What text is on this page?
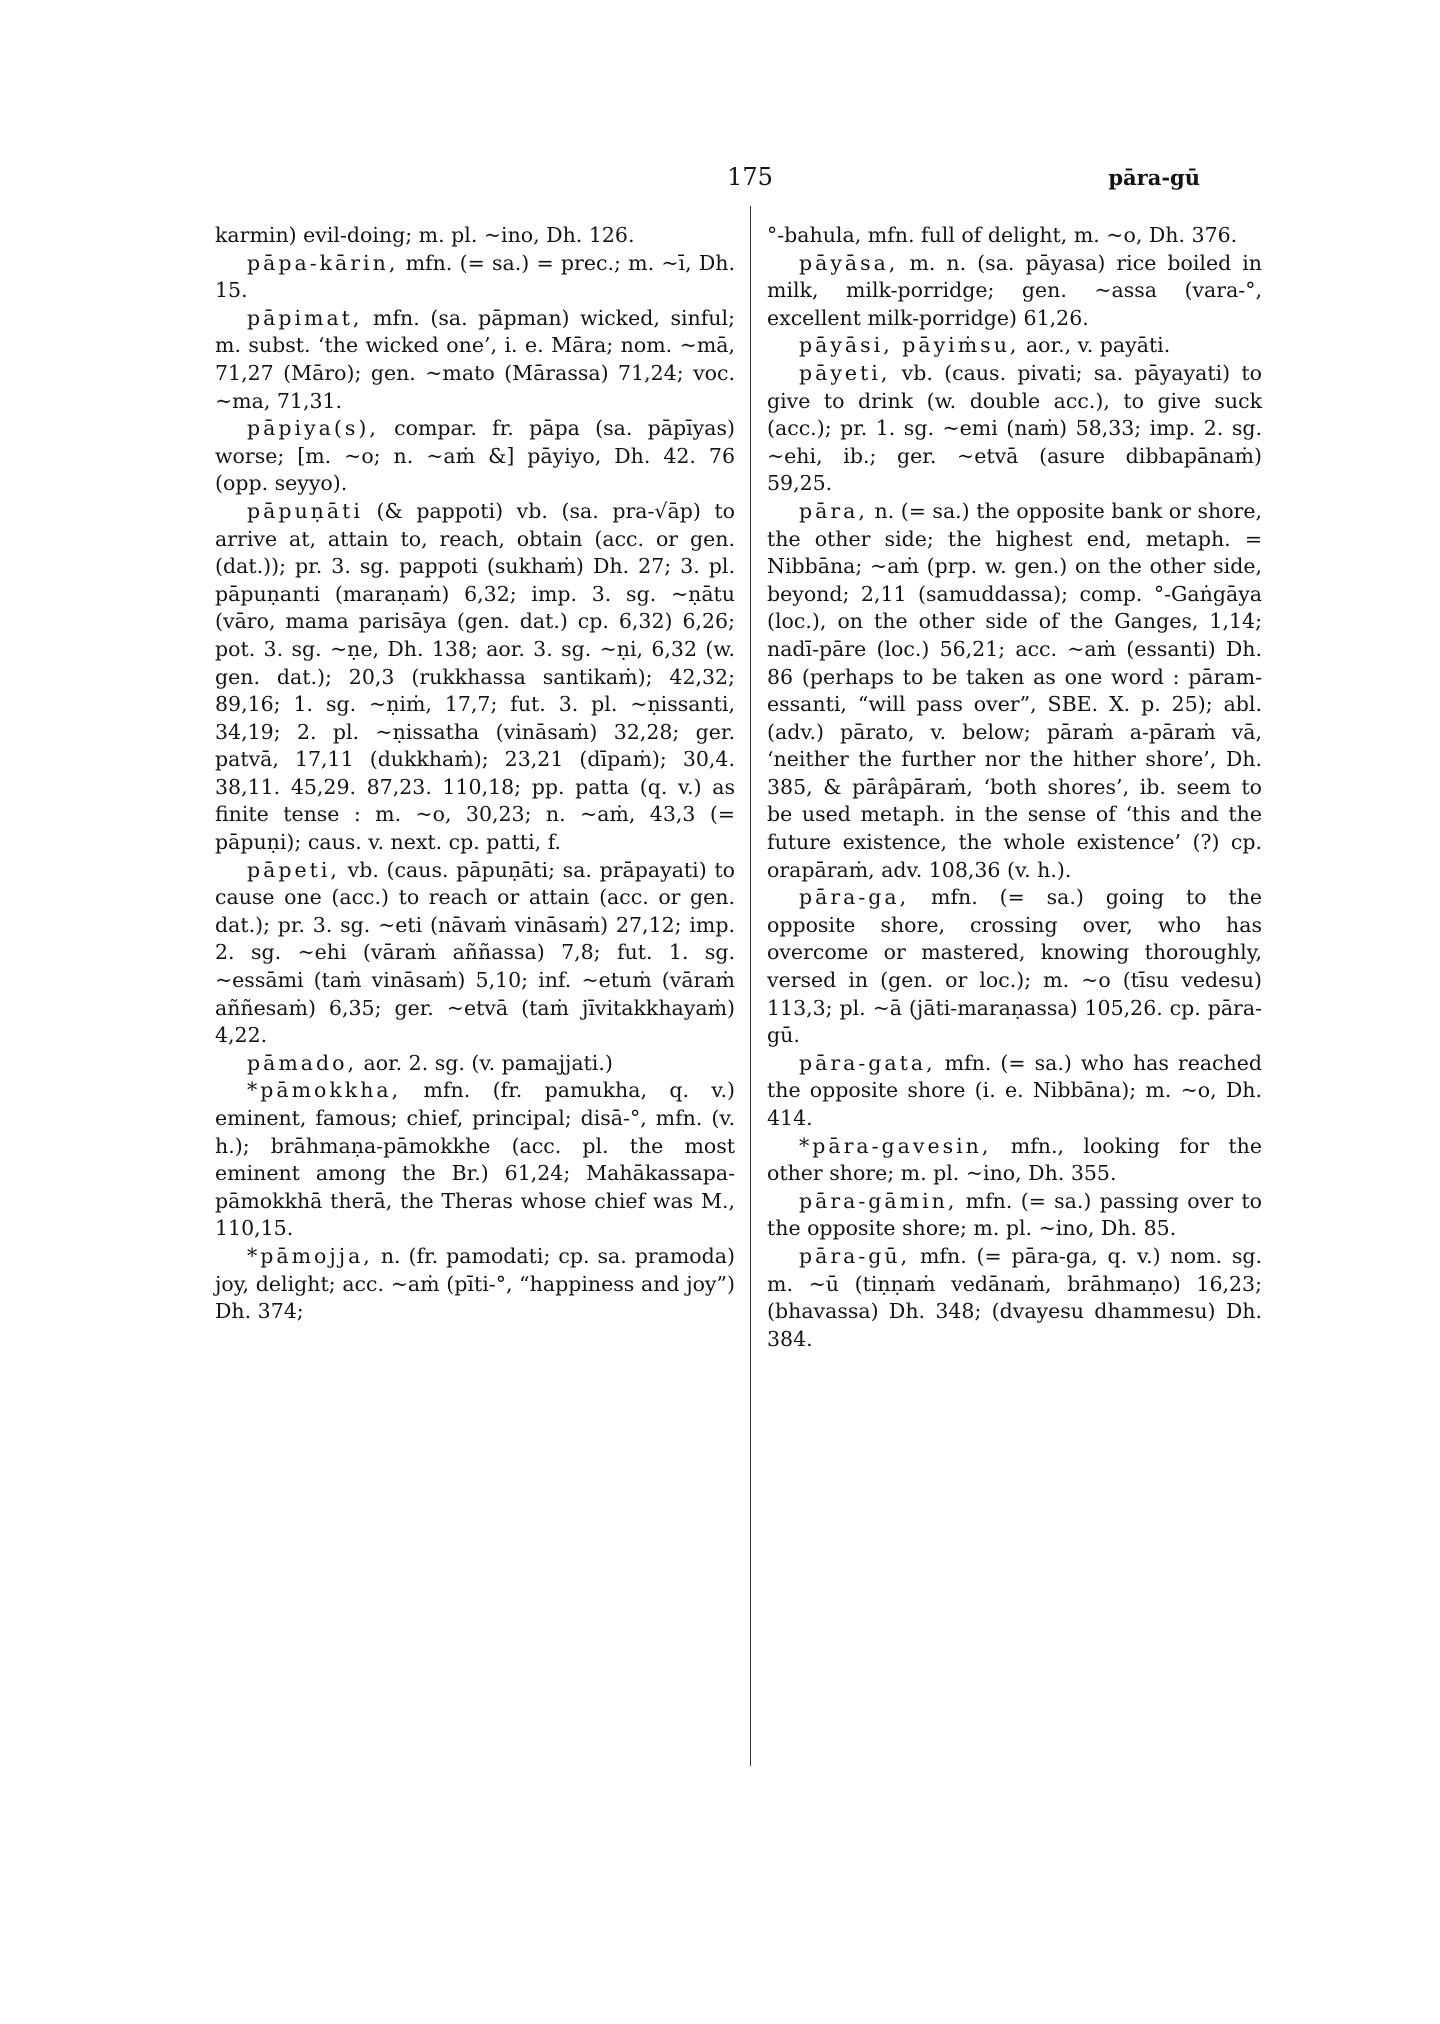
175	pāra-gū

karmin) evil-doing; m. pl. ~ino, Dh. 126.

pāpa-kārin, mfn. (= sa.) = prec.; m. ~ī, Dh. 15.

pāpimat, mfn. (sa. pāpman) wicked, sinful; m. subst. ‘the wicked one’, i. e. Māra; nom. ~mā, 71,27 (Māro); gen. ~mato (Mārassa) 71,24; voc. ~ma, 71,31.

pāpiya(s), compar. fr. pāpa (sa. pāpīyas) worse; [m. ~o; n. ~aṁ &] pāyiyo, Dh. 42. 76 (opp. seyyo).

pāpuṇāti (& pappoti) vb. (sa. pra-√āp) to arrive at, attain to, reach, obtain (acc. or gen. (dat.)); pr. 3. sg. pappoti (sukhaṁ) Dh. 27; 3. pl. pāpuṇanti (maraṇaṁ) 6,32; imp. 3. sg. ~ṇātu (vāro, mama parisāya (gen. dat.) cp. 6,32) 6,26; pot. 3. sg. ~ṇe, Dh. 138; aor. 3. sg. ~ṇi, 6,32 (w. gen. dat.); 20,3 (rukkhassa santikaṁ); 42,32; 89,16; 1. sg. ~ṇiṁ, 17,7; fut. 3. pl. ~ṇissanti, 34,19; 2. pl. ~ṇissatha (vināsaṁ) 32,28; ger. patvā, 17,11 (dukkhaṁ); 23,21 (dīpaṁ); 30,4. 38,11. 45,29. 87,23. 110,18; pp. patta (q. v.) as finite tense : m. ~o, 30,23; n. ~aṁ, 43,3 (= pāpuṇi); caus. v. next. cp. patti, f.

pāpeti, vb. (caus. pāpuṇāti; sa. prāpayati) to cause one (acc.) to reach or attain (acc. or gen. dat.); pr. 3. sg. ~eti (nāvaṁ vināsaṁ) 27,12; imp. 2. sg. ~ehi (vāraṁ aññassa) 7,8; fut. 1. sg. ~essāmi (taṁ vināsaṁ) 5,10; inf. ~etuṁ (vāraṁ aññesaṁ) 6,35; ger. ~etvā (taṁ jīvitakkhayaṁ) 4,22.

pāmado, aor. 2. sg. (v. pamajjati.)

*pāmokkha, mfn. (fr. pamukha, q. v.) eminent, famous; chief, principal; disā-°, mfn. (v. h.); brāhmaṇa-pāmokkhe (acc. pl. the most eminent among the Br.) 61,24; Mahākassapa-pāmokkhā therā, the Theras whose chief was M., 110,15.

*pāmojja, n. (fr. pamodati; cp. sa. pramoda) joy, delight; acc. ~aṁ (pīti-°, “happiness and joy”) Dh. 374;

°-bahula, mfn. full of delight, m. ~o, Dh. 376.

pāyāsa, m. n. (sa. pāyasa) rice boiled in milk, milk-porridge; gen. ~assa (vara-°, excellent milk-porridge) 61,26.

pāyāsi, pāyiṁsu, aor., v. payāti.

pāyeti, vb. (caus. pivati; sa. pāyayati) to give to drink (w. double acc.), to give suck (acc.); pr. 1. sg. ~emi (naṁ) 58,33; imp. 2. sg. ~ehi, ib.; ger. ~etvā (asure dibbapānaṁ) 59,25.

pāra, n. (= sa.) the opposite bank or shore, the other side; the highest end, metaph. = Nibbāna; ~aṁ (prp. w. gen.) on the other side, beyond; 2,11 (samuddassa); comp. °-Gaṅgāya (loc.), on the other side of the Ganges, 1,14; nadī-pāre (loc.) 56,21; acc. ~aṁ (essanti) Dh. 86 (perhaps to be taken as one word : pāram-essanti, “will pass over”, SBE. X. p. 25); abl. (adv.) pārato, v. below; pāraṁ a-pāraṁ vā, ‘neither the further nor the hither shore’, Dh. 385, & pārâpāraṁ, ‘both shores’, ib. seem to be used metaph. in the sense of ‘this and the future existence, the whole existence’ (?) cp. orapāraṁ, adv. 108,36 (v. h.).

pāra-ga, mfn. (= sa.) going to the opposite shore, crossing over, who has overcome or mastered, knowing thoroughly, versed in (gen. or loc.); m. ~o (tīsu vedesu) 113,3; pl. ~ā (jāti-maraṇassa) 105,26. cp. pāra-gū.

pāra-gata, mfn. (= sa.) who has reached the opposite shore (i. e. Nibbāna); m. ~o, Dh. 414.

*pāra-gavesin, mfn., looking for the other shore; m. pl. ~ino, Dh. 355.

pāra-gāmin, mfn. (= sa.) passing over to the opposite shore; m. pl. ~ino, Dh. 85.

pāra-gū, mfn. (= pāra-ga, q. v.) nom. sg. m. ~ū (tiṇṇaṁ vedānaṁ, brāhmaṇo) 16,23; (bhavassa) Dh. 348; (dvayesu dhammesu) Dh. 384.
